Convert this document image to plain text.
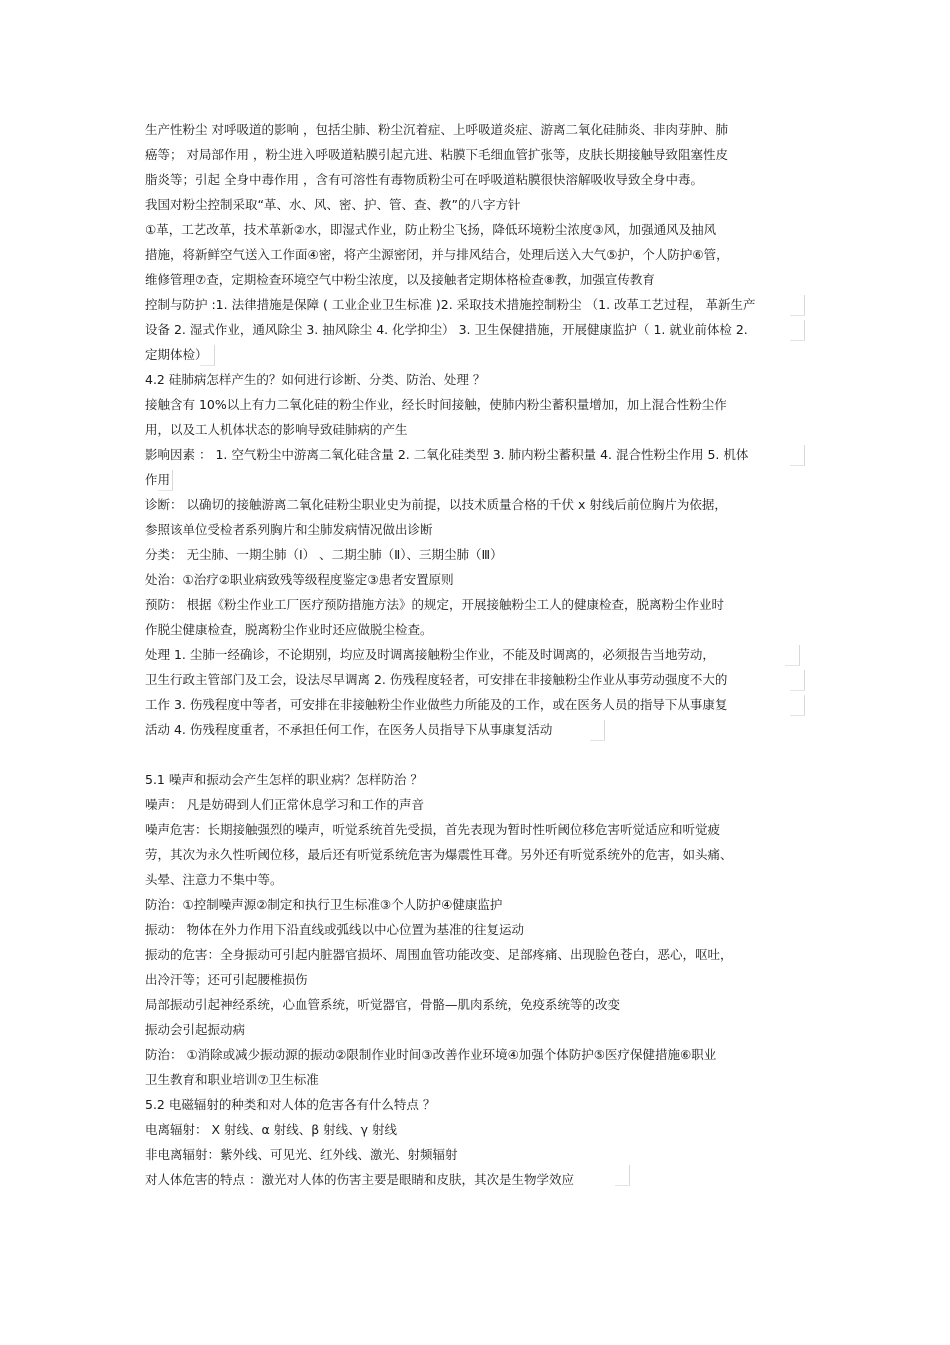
生产性粉尘 对呼吸道的影响 ，包括尘肺、粉尘沉着症、上呼吸道炎症、游离二氧化硅肺炎、非肉芽肿、肺
癌等； 对局部作用 ，粉尘进入呼吸道粘膜引起亢进、粘膜下毛细血管扩张等，皮肤长期接触导致阻塞性皮
脂炎等；引起 全身中毒作用 ，含有可溶性有毒物质粉尘可在呼吸道粘膜很快溶解吸收导致全身中毒。
我国对粉尘控制采取“革、水、风、密、护、管、查、教”的八字方针
①革，工艺改革，技术革新②水，即湿式作业，防止粉尘飞扬，降低环境粉尘浓度③风，加强通风及抽风
措施，将新鲜空气送入工作面④密，将产尘源密闭，并与排风结合，处理后送入大气⑤护，个人防护⑥管，
维修管理⑦查，定期检查环境空气中粉尘浓度，以及接触者定期体格检查⑧教，加强宣传教育
控制与防护 :1. 法律措施是保障 ( 工业企业卫生标准 )2. 采取技术措施控制粉尘 （1. 改革工艺过程， 革新生产
设备 2. 湿式作业，通风除尘 3. 抽风除尘 4. 化学抑尘） 3. 卫生保健措施，开展健康监护（ 1. 就业前体检 2.
定期体检）
4.2 硅肺病怎样产生的？如何进行诊断、分类、防治、处理 ？
接触含有 10%以上有力二氧化硅的粉尘作业，经长时间接触，使肺内粉尘蓄积量增加，加上混合性粉尘作
用，以及工人机体状态的影响导致硅肺病的产生
影响因素 ： 1. 空气粉尘中游离二氧化硅含量 2. 二氧化硅类型 3. 肺内粉尘蓄积量 4. 混合性粉尘作用 5. 机体
作用
诊断： 以确切的接触游离二氧化硅粉尘职业史为前提，以技术质量合格的千伏 x 射线后前位胸片为依据，
参照该单位受检者系列胸片和尘肺发病情况做出诊断
分类： 无尘肺、一期尘肺（Ⅰ） 、二期尘肺（Ⅱ）、三期尘肺（Ⅲ）
处治：①治疗②职业病致残等级程度鉴定③患者安置原则
预防： 根据《粉尘作业工厂医疗预防措施方法》的规定，开展接触粉尘工人的健康检查，脱离粉尘作业时
作脱尘健康检查，脱离粉尘作业时还应做脱尘检查。
处理 1. 尘肺一经确诊，不论期别，均应及时调离接触粉尘作业，不能及时调离的，必须报告当地劳动，
卫生行政主管部门及工会，设法尽早调离 2. 伤残程度轻者，可安排在非接触粉尘作业从事劳动强度不大的
工作 3. 伤残程度中等者，可安排在非接触粉尘作业做些力所能及的工作，或在医务人员的指导下从事康复
活动 4. 伤残程度重者，不承担任何工作，在医务人员指导下从事康复活动
5.1 噪声和振动会产生怎样的职业病？怎样防治 ？
噪声： 凡是妨碍到人们正常休息学习和工作的声音
噪声危害：长期接触强烈的噪声，听觉系统首先受损，首先表现为暂时性听阈位移危害听觉适应和听觉疲
劳，其次为永久性听阈位移，最后还有听觉系统危害为爆震性耳聋。另外还有听觉系统外的危害，如头痛、
头晕、注意力不集中等。
防治：①控制噪声源②制定和执行卫生标准③个人防护④健康监护
振动： 物体在外力作用下沿直线或弧线以中心位置为基准的往复运动
振动的危害：全身振动可引起内脏器官损坏、周围血管功能改变、足部疼痛、出现脸色苍白，恶心，呕吐，
出冷汗等；还可引起腰椎损伤
局部振动引起神经系统，心血管系统，听觉器官，骨骼—肌肉系统，免疫系统等的改变
振动会引起振动病
防治： ①消除或减少振动源的振动②限制作业时间③改善作业环境④加强个体防护⑤医疗保健措施⑥职业
卫生教育和职业培训⑦卫生标准
5.2 电磁辐射的种类和对人体的危害各有什么特点 ？
电离辐射： X 射线、α 射线、β 射线、γ 射线
非电离辐射：紫外线、可见光、红外线、激光、射频辐射
对人体危害的特点 ：激光对人体的伤害主要是眼睛和皮肤，其次是生物学效应
